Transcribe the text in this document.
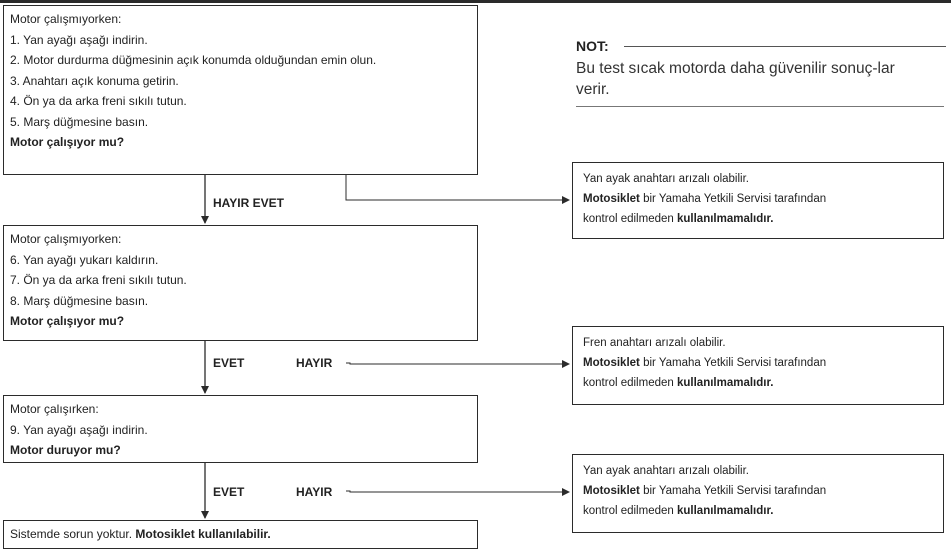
Motor çalışmıyorken:
1. Yan ayağı aşağı indirin.
2. Motor durdurma düğmesinin açık konumda olduğundan emin olun.
3. Anahtarı açık konuma getirin.
4. Ön ya da arka freni sıkılı tutun.
5. Marş düğmesine basın.
Motor çalışıyor mu?
HAYIR EVET
Motor çalışmıyorken:
6. Yan ayağı yukarı kaldırın.
7. Ön ya da arka freni sıkılı tutun.
8. Marş düğmesine basın.
Motor çalışıyor mu?
EVET	HAYIR
Motor çalışırken:
9. Yan ayağı aşağı indirin.
Motor duruyor mu?
EVET	HAYIR
Sistemde sorun yoktur. Motosiklet kullanılabilir.
Yan ayak anahtarı arızalı olabilir.
Motosiklet bir Yamaha Yetkili Servisi tarafından
kontrol edilmeden kullanılmamalıdır.
Fren anahtarı arızalı olabilir.
Motosiklet bir Yamaha Yetkili Servisi tarafından
kontrol edilmeden kullanılmamalıdır.
Yan ayak anahtarı arızalı olabilir.
Motosiklet bir Yamaha Yetkili Servisi tarafından
kontrol edilmeden kullanılmamalıdır.
NOT:
Bu test sıcak motorda daha güvenilir sonuç-lar verir.
